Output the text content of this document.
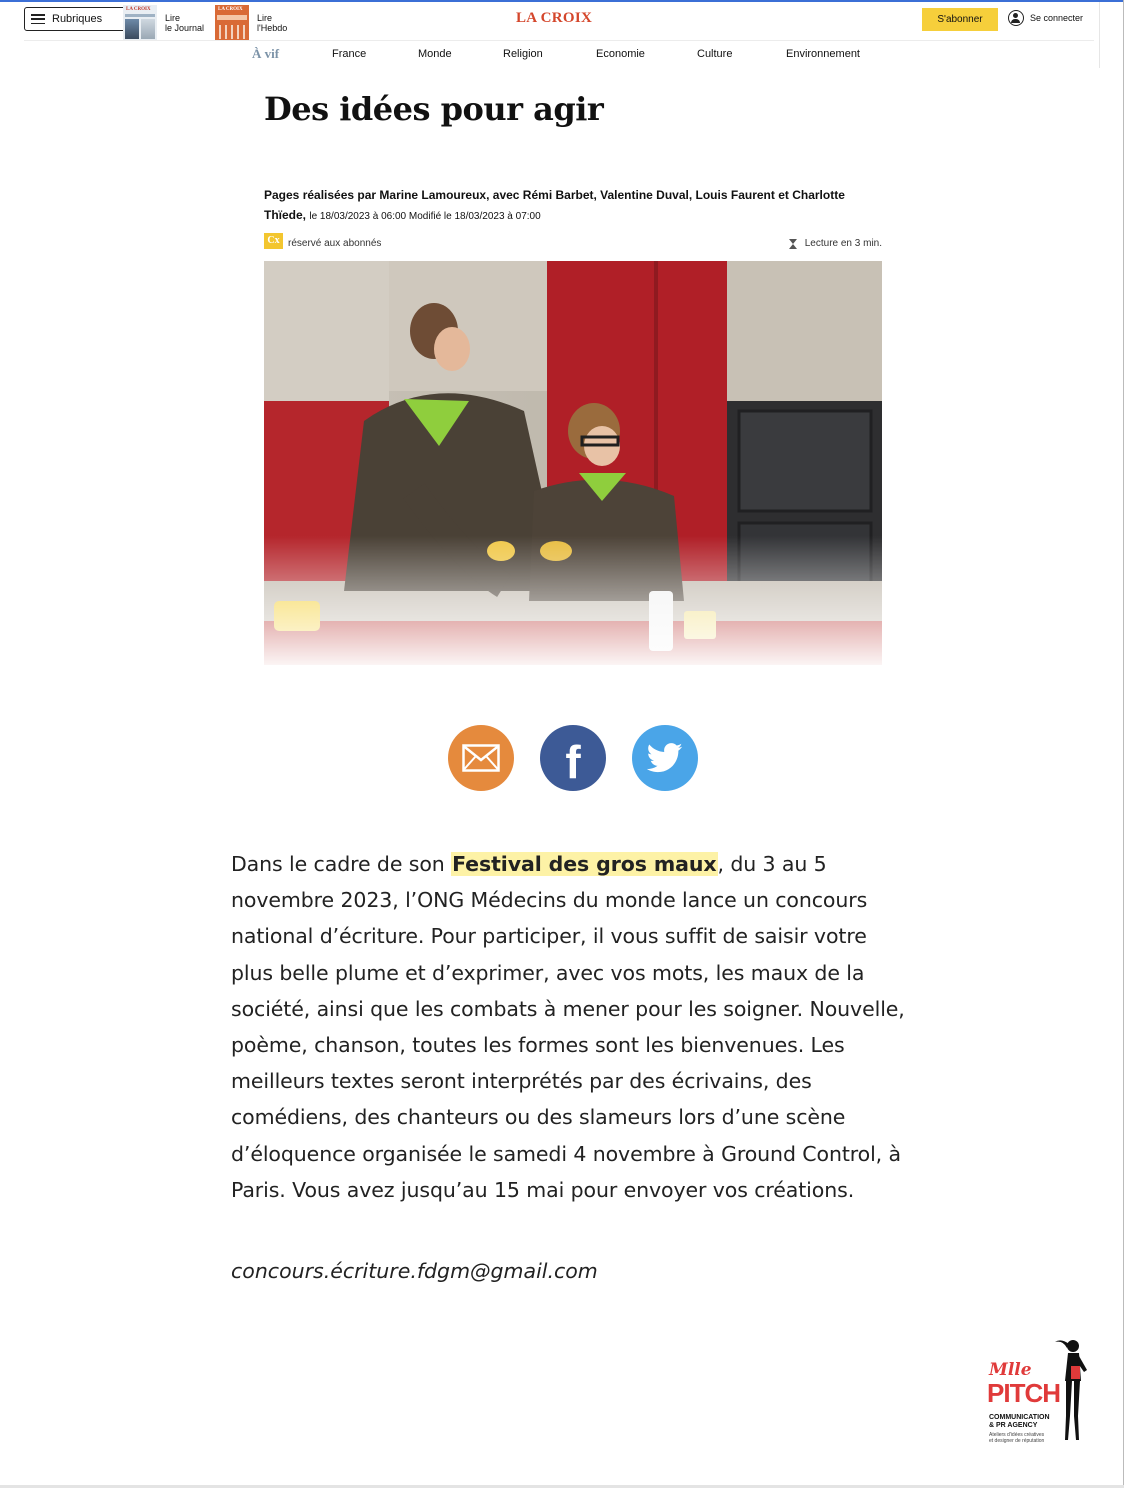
Rubriques
LA CROIX
Lire
le Journal
LA CROIX
Lire
l'Hebdo
LA CROIX	S'abonner	Se connecter
À vif	France	Monde	Religion	Economie	Culture	Environnement
Des idées pour agir
Pages réalisées par Marine Lamoureux, avec Rémi Barbet, Valentine Duval, Louis Faurent et Charlotte Thïede, le 18/03/2023 à 06:00 Modifié le 18/03/2023 à 07:00
Cx réservé aux abonnés	Lecture en 3 min.
f

Dans le cadre de son Festival des gros maux, du 3 au 5 novembre 2023, l’ONG Médecins du monde lance un concours national d’écriture. Pour participer, il vous suffit de saisir votre plus belle plume et d’exprimer, avec vos mots, les maux de la société, ainsi que les combats à mener pour les soigner. Nouvelle, poème, chanson, toutes les formes sont les bienvenues. Les meilleurs textes seront interprétés par des écrivains, des comédiens, des chanteurs ou des slameurs lors d’une scène d’éloquence organisée le samedi 4 novembre à Ground Control, à Paris. Vous avez jusqu’au 15 mai pour envoyer vos créations.

concours.écriture.fdgm@gmail.com
Mlle
PITCH
COMMUNICATION
& PR AGENCY
Ateliers d'idées créatives et designer de réputation
